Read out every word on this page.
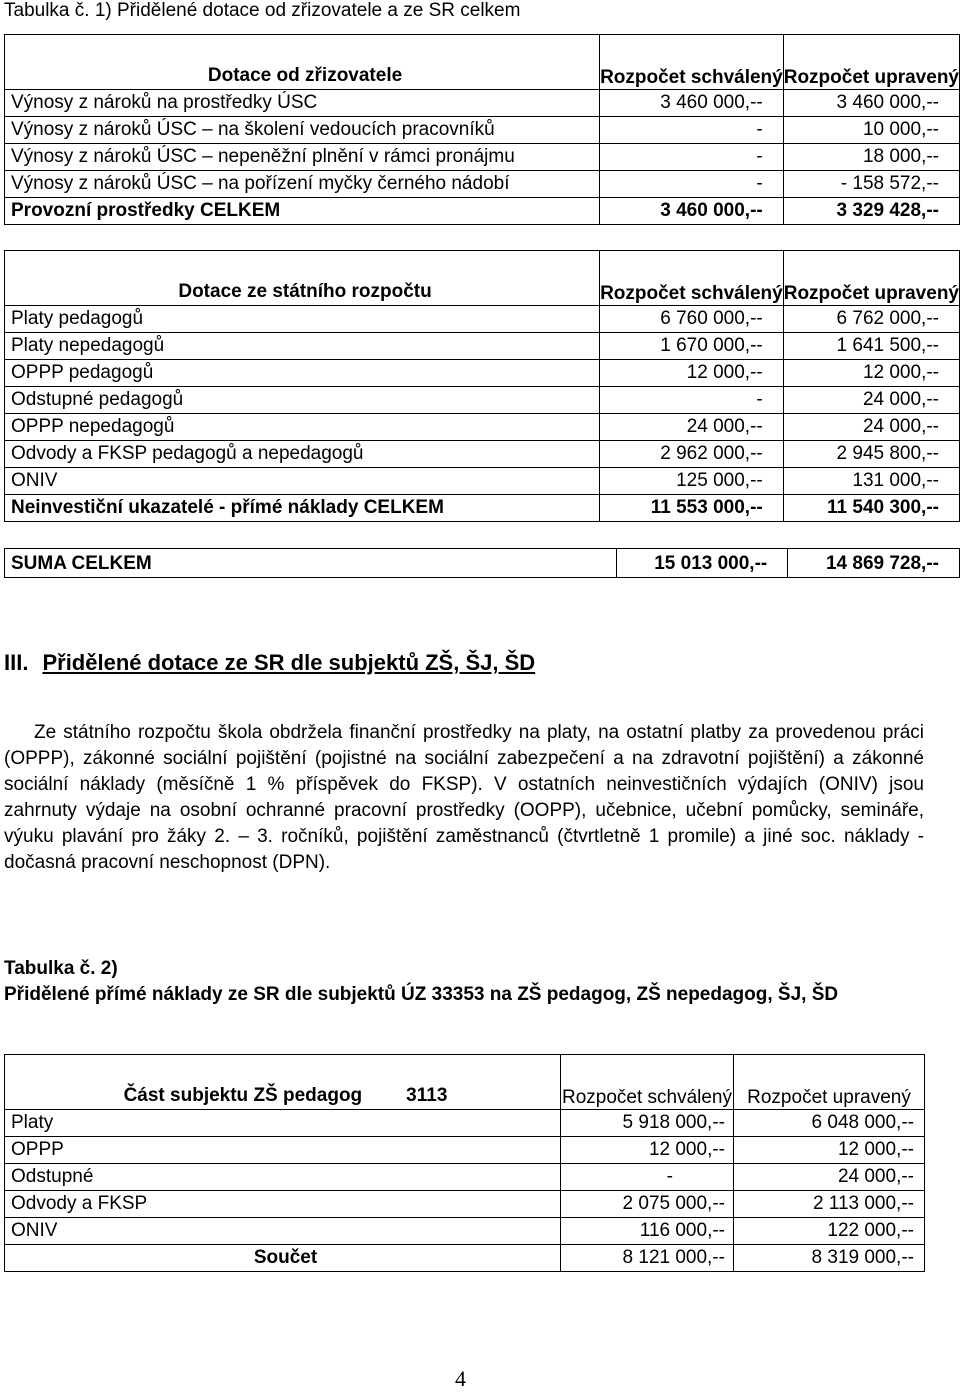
Tabulka č. 1) Přidělené dotace od zřizovatele a ze SR celkem
Dotace od zřizovatele	Rozpočet schválený	Rozpočet upravený
Výnosy z nároků na prostředky ÚSC	3 460 000,--	3 460 000,--
Výnosy z nároků ÚSC – na školení vedoucích pracovníků	-	10 000,--
Výnosy z nároků ÚSC – nepeněžní plnění v rámci pronájmu	-	18 000,--
Výnosy z nároků ÚSC – na pořízení myčky černého nádobí	-	- 158 572,--
Provozní prostředky CELKEM	3 460 000,--	3 329 428,--
Dotace ze státního rozpočtu	Rozpočet schválený	Rozpočet upravený
Platy pedagogů	6 760 000,--	6 762 000,--
Platy nepedagogů	1 670 000,--	1 641 500,--
OPPP pedagogů	12 000,--	12 000,--
Odstupné pedagogů	-	24 000,--
OPPP nepedagogů	24 000,--	24 000,--
Odvody a FKSP pedagogů a nepedagogů	2 962 000,--	2 945 800,--
ONIV	125 000,--	131 000,--
Neinvestiční ukazatelé - přímé náklady CELKEM	11 553 000,--	11 540 300,--
SUMA CELKEM	15 013 000,--	14 869 728,--
III. Přidělené dotace ze SR dle subjektů ZŠ, ŠJ, ŠD
Ze státního rozpočtu škola obdržela finanční prostředky na platy, na ostatní platby za provedenou práci (OPPP), zákonné sociální pojištění (pojistné na sociální zabezpečení a na zdravotní pojištění) a zákonné sociální náklady (měsíčně 1 % příspěvek do FKSP). V ostatních neinvestičních výdajích (ONIV) jsou zahrnuty výdaje na osobní ochranné pracovní prostředky (OOPP), učebnice, učební pomůcky, semináře, výuku plavání pro žáky 2. – 3. ročníků, pojištění zaměstnanců (čtvrtletně 1 promile) a jiné soc. náklady - dočasná pracovní neschopnost (DPN).
Tabulka č. 2)
Přidělené přímé náklady ze SR dle subjektů ÚZ 33353 na ZŠ pedagog, ZŠ nepedagog, ŠJ, ŠD
Část subjektu ZŠ pedagog 3113	Rozpočet schválený	Rozpočet upravený
Platy	5 918 000,--	6 048 000,--
OPPP	12 000,--	12 000,--
Odstupné	-	24 000,--
Odvody a FKSP	2 075 000,--	2 113 000,--
ONIV	116 000,--	122 000,--
Součet	8 121 000,--	8 319 000,--
4
